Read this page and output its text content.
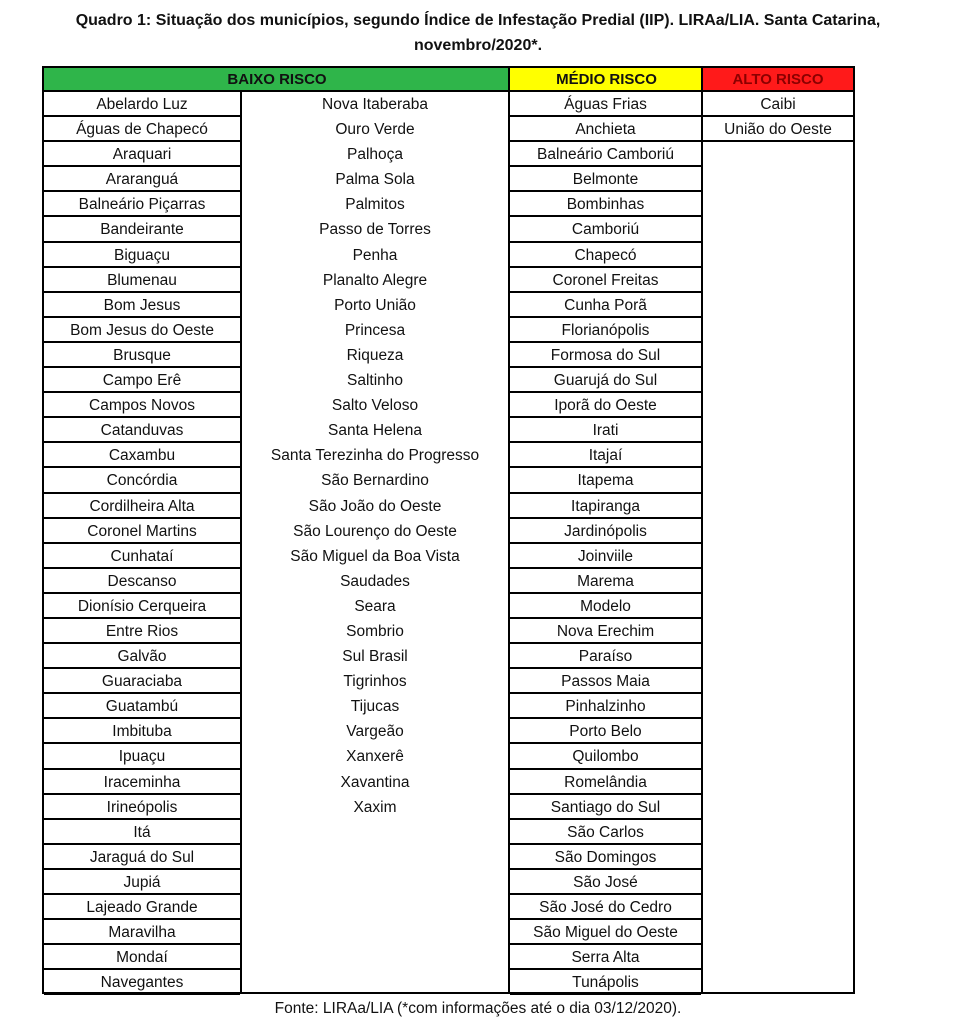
Quadro 1: Situação dos municípios, segundo Índice de Infestação Predial (IIP). LIRAa/LIA. Santa Catarina,
novembro/2020*.
BAIXO RISCO	MÉDIO RISCO	ALTO RISCO
Abelardo Luz
Águas de Chapecó
Araquari
Araranguá
Balneário Piçarras
Bandeirante
Biguaçu
Blumenau
Bom Jesus
Bom Jesus do Oeste
Brusque
Campo Erê
Campos Novos
Catanduvas
Caxambu
Concórdia
Cordilheira Alta
Coronel Martins
Cunhataí
Descanso
Dionísio Cerqueira
Entre Rios
Galvão
Guaraciaba
Guatambú
Imbituba
Ipuaçu
Iraceminha
Irineópolis
Itá
Jaraguá do Sul
Jupiá
Lajeado Grande
Maravilha
Mondaí
Navegantes
Nova Itaberaba
Ouro Verde
Palhoça
Palma Sola
Palmitos
Passo de Torres
Penha
Planalto Alegre
Porto União
Princesa
Riqueza
Saltinho
Salto Veloso
Santa Helena
Santa Terezinha do Progresso
São Bernardino
São João do Oeste
São Lourenço do Oeste
São Miguel da Boa Vista
Saudades
Seara
Sombrio
Sul Brasil
Tigrinhos
Tijucas
Vargeão
Xanxerê
Xavantina
Xaxim
Águas Frias
Anchieta
Balneário Camboriú
Belmonte
Bombinhas
Camboriú
Chapecó
Coronel Freitas
Cunha Porã
Florianópolis
Formosa do Sul
Guarujá do Sul
Iporã do Oeste
Irati
Itajaí
Itapema
Itapiranga
Jardinópolis
Joinviile
Marema
Modelo
Nova Erechim
Paraíso
Passos Maia
Pinhalzinho
Porto Belo
Quilombo
Romelândia
Santiago do Sul
São Carlos
São Domingos
São José
São José do Cedro
São Miguel do Oeste
Serra Alta
Tunápolis
Caibi
União do Oeste
Fonte: LIRAa/LIA (*com informações até o dia 03/12/2020).
